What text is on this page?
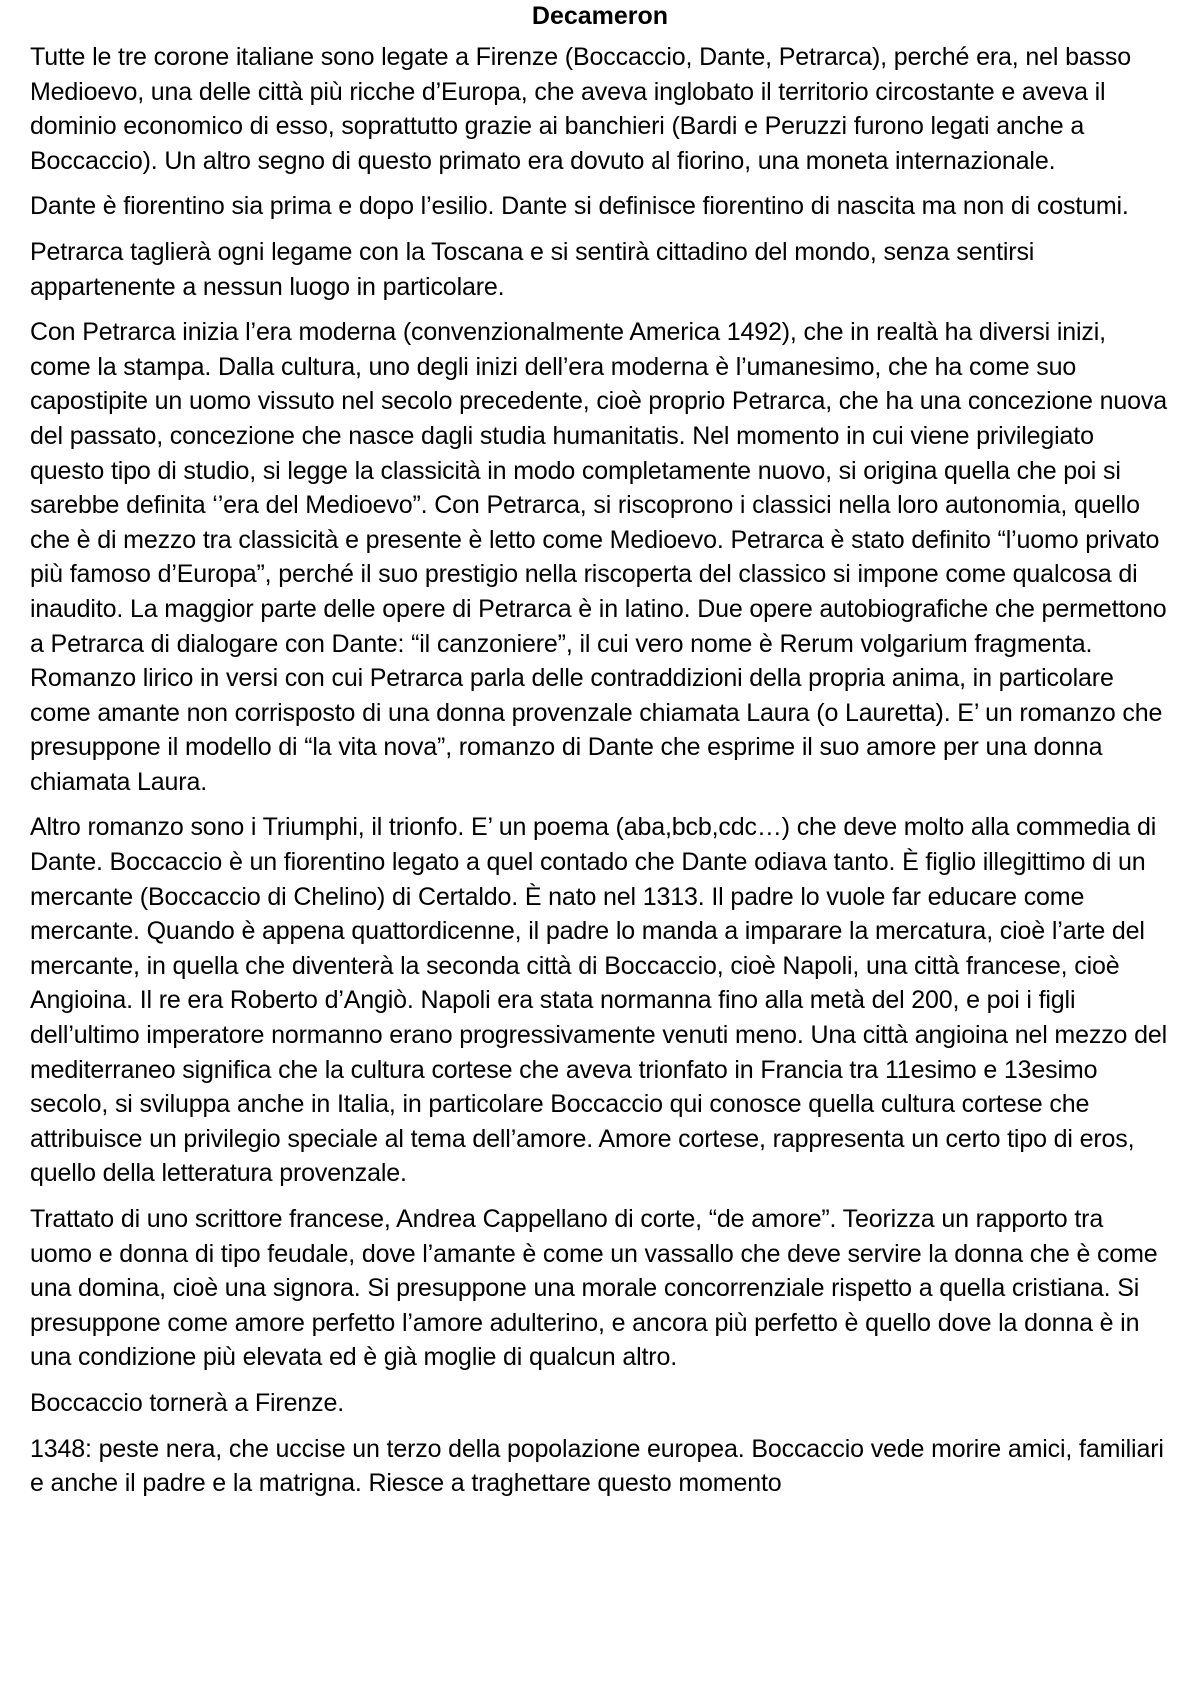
Decameron

Tutte le tre corone italiane sono legate a Firenze (Boccaccio, Dante, Petrarca), perché era, nel basso Medioevo, una delle città più ricche d’Europa, che aveva inglobato il territorio circostante e aveva il dominio economico di esso, soprattutto grazie ai banchieri (Bardi e Peruzzi furono legati anche a Boccaccio). Un altro segno di questo primato era dovuto al fiorino, una moneta internazionale.

Dante è fiorentino sia prima e dopo l’esilio. Dante si definisce fiorentino di nascita ma non di costumi.

Petrarca taglierà ogni legame con la Toscana e si sentirà cittadino del mondo, senza sentirsi appartenente a nessun luogo in particolare.

Con Petrarca inizia l’era moderna (convenzionalmente America 1492), che in realtà ha diversi inizi, come la stampa. Dalla cultura, uno degli inizi dell’era moderna è l’umanesimo, che ha come suo capostipite un uomo vissuto nel secolo precedente, cioè proprio Petrarca, che ha una concezione nuova del passato, concezione che nasce dagli studia humanitatis. Nel momento in cui viene privilegiato questo tipo di studio, si legge la classicità in modo completamente nuovo, si origina quella che poi si sarebbe definita ‘’era del Medioevo”. Con Petrarca, si riscoprono i classici nella loro autonomia, quello che è di mezzo tra classicità e presente è letto come Medioevo. Petrarca è stato definito “l’uomo privato più famoso d’Europa”, perché il suo prestigio nella riscoperta del classico si impone come qualcosa di inaudito. La maggior parte delle opere di Petrarca è in latino. Due opere autobiografiche che permettono a Petrarca di dialogare con Dante: “il canzoniere”, il cui vero nome è Rerum volgarium fragmenta. Romanzo lirico in versi con cui Petrarca parla delle contraddizioni della propria anima, in particolare come amante non corrisposto di una donna provenzale chiamata Laura (o Lauretta). E’ un romanzo che presuppone il modello di “la vita nova”, romanzo di Dante che esprime il suo amore per una donna chiamata Laura.

Altro romanzo sono i Triumphi, il trionfo. E’ un poema (aba,bcb,cdc…) che deve molto alla commedia di Dante. Boccaccio è un fiorentino legato a quel contado che Dante odiava tanto. È figlio illegittimo di un mercante (Boccaccio di Chelino) di Certaldo. È nato nel 1313. Il padre lo vuole far educare come mercante. Quando è appena quattordicenne, il padre lo manda a imparare la mercatura, cioè l’arte del mercante, in quella che diventerà la seconda città di Boccaccio, cioè Napoli, una città francese, cioè Angioina. Il re era Roberto d’Angiò. Napoli era stata normanna fino alla metà del 200, e poi i figli dell’ultimo imperatore normanno erano progressivamente venuti meno. Una città angioina nel mezzo del mediterraneo significa che la cultura cortese che aveva trionfato in Francia tra 11esimo e 13esimo secolo, si sviluppa anche in Italia, in particolare Boccaccio qui conosce quella cultura cortese che attribuisce un privilegio speciale al tema dell’amore. Amore cortese, rappresenta un certo tipo di eros, quello della letteratura provenzale.

Trattato di uno scrittore francese, Andrea Cappellano di corte, “de amore”. Teorizza un rapporto tra uomo e donna di tipo feudale, dove l’amante è come un vassallo che deve servire la donna che è come una domina, cioè una signora. Si presuppone una morale concorrenziale rispetto a quella cristiana. Si presuppone come amore perfetto l’amore adulterino, e ancora più perfetto è quello dove la donna è in una condizione più elevata ed è già moglie di qualcun altro.

Boccaccio tornerà a Firenze.

1348: peste nera, che uccise un terzo della popolazione europea. Boccaccio vede morire amici, familiari e anche il padre e la matrigna. Riesce a traghettare questo momento
